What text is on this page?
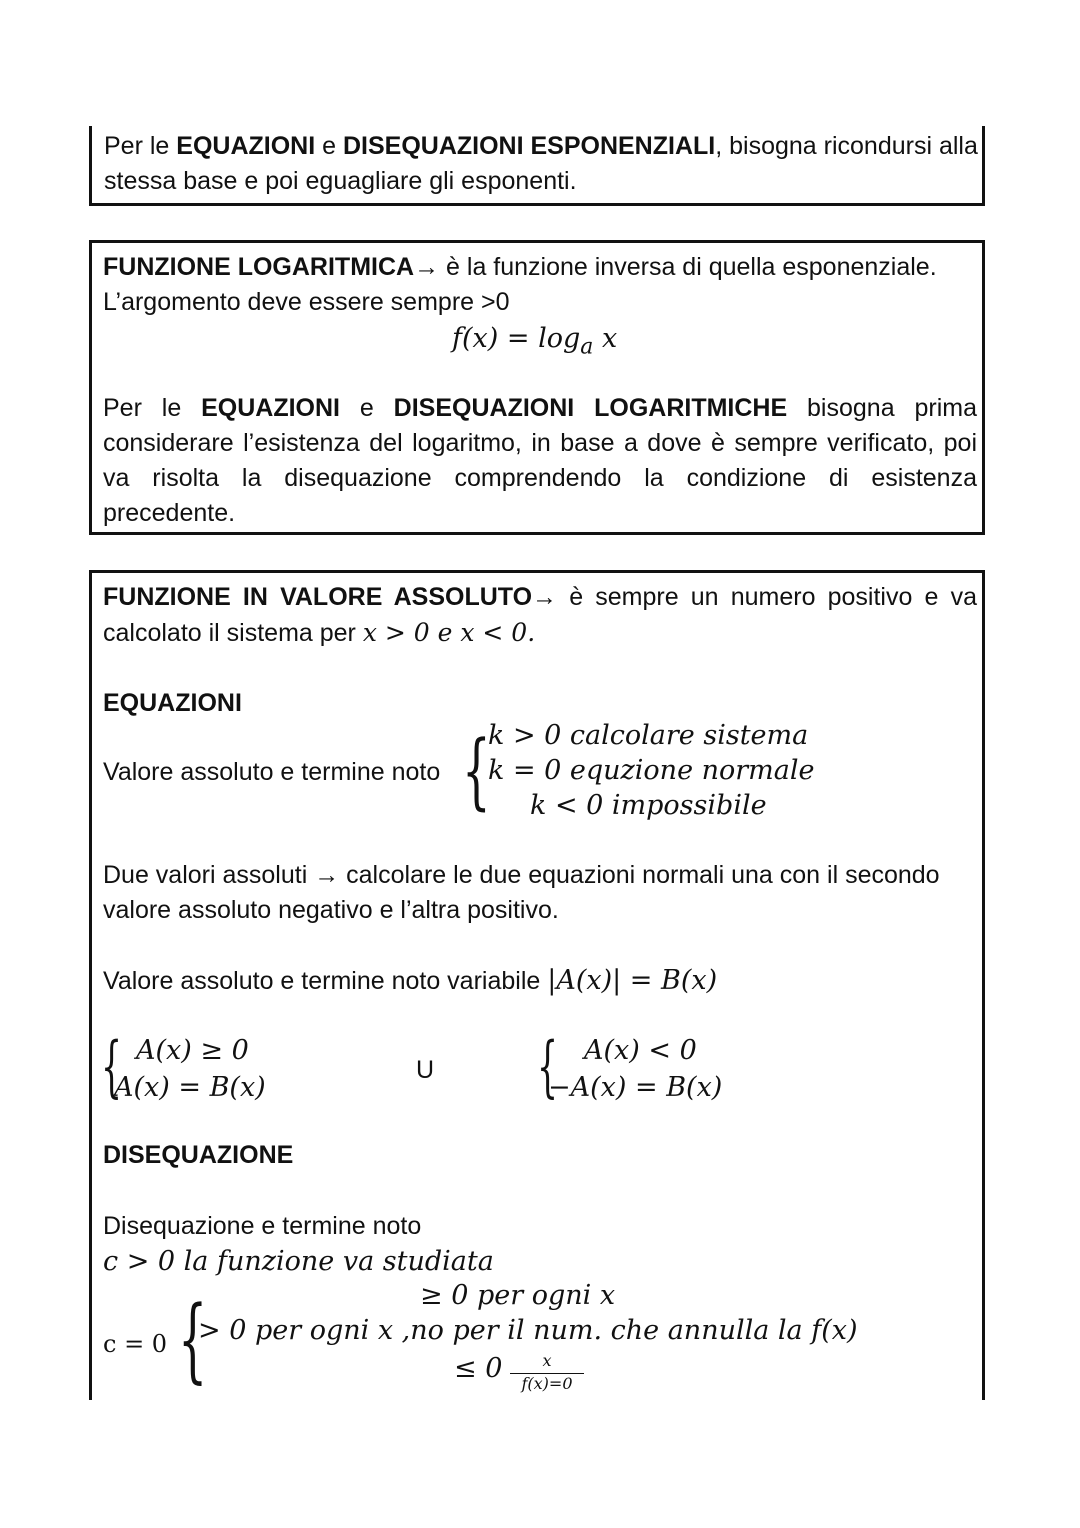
Per le EQUAZIONI e DISEQUAZIONI ESPONENZIALI, bisogna ricondursi alla
stessa base e poi eguagliare gli esponenti.
FUNZIONE LOGARITMICA→ è la funzione inversa di quella esponenziale.
L’argomento deve essere sempre >0
$f(x) = \log_a x$
Per le EQUAZIONI e DISEQUAZIONI LOGARITMICHE bisogna prima considerare l’esistenza del logaritmo, in base a dove è sempre verificato, poi va risolta la disequazione comprendendo la condizione di esistenza precedente.
FUNZIONE IN VALORE ASSOLUTO→ è sempre un numero positivo e va
calcolato il sistema per x > 0 e x < 0.
EQUAZIONI
Valore assoluto e termine noto {
k > 0 calcolare sistema
k = 0 equzione normale
k < 0 impossibile
Due valori assoluti → calcolare le due equazioni normali una con il secondo
valore assoluto negativo e l’altra positivo.
Valore assoluto e termine noto variabile |A(x)| = B(x)
{ A(x) ≥ 0
A(x) = B(x)
U { A(x) < 0
−A(x) = B(x)
DISEQUAZIONE
Disequazione e termine noto
c > 0 la funzione va studiata
c = 0 {	≥ 0 per ogni x
> 0 per ogni x ,no per il num. che annulla la f(x)
≤ 0	x
f(x)=0
